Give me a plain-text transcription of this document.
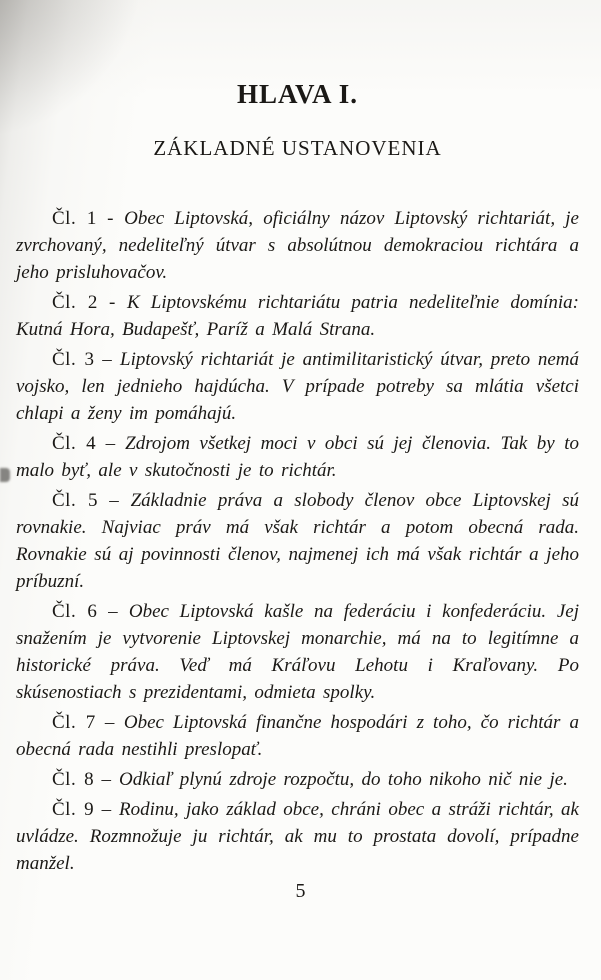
HLAVA I.
ZÁKLADNÉ USTANOVENIA

Čl. 1 - Obec Liptovská, oficiálny názov Liptovský richtariát, je zvrchovaný, nedeliteľný útvar s absolútnou demokraciou richtára a jeho prisluhovačov.

Čl. 2 - K Liptovskému richtariátu patria nedeliteľnie domínia: Kutná Hora, Budapešť, Paríž a Malá Strana.

Čl. 3 – Liptovský richtariát je antimilitaristický útvar, preto nemá vojsko, len jednieho hajdúcha. V prípade potreby sa mlátia všetci chlapi a ženy im pomáhajú.

Čl. 4 – Zdrojom všetkej moci v obci sú jej členovia. Tak by to malo byť, ale v skutočnosti je to richtár.

Čl. 5 – Základnie práva a slobody členov obce Liptovskej sú rovnakie. Najviac práv má však richtár a potom obecná rada. Rovnakie sú aj povinnosti členov, najmenej ich má však richtár a jeho príbuzní.

Čl. 6 – Obec Liptovská kašle na federáciu i konfederáciu. Jej snažením je vytvorenie Liptovskej monarchie, má na to legitímne a historické práva. Veď má Kráľovu Lehotu i Kraľovany. Po skúsenostiach s prezidentami, odmieta spolky.

Čl. 7 – Obec Liptovská finančne hospodári z toho, čo richtár a obecná rada nestihli preslopať.

Čl. 8 – Odkiaľ plynú zdroje rozpočtu, do toho nikoho nič nie je.

Čl. 9 – Rodinu, jako základ obce, chráni obec a stráži richtár, ak uvládze. Rozmnožuje ju richtár, ak mu to prostata dovolí, prípadne manžel.

5
